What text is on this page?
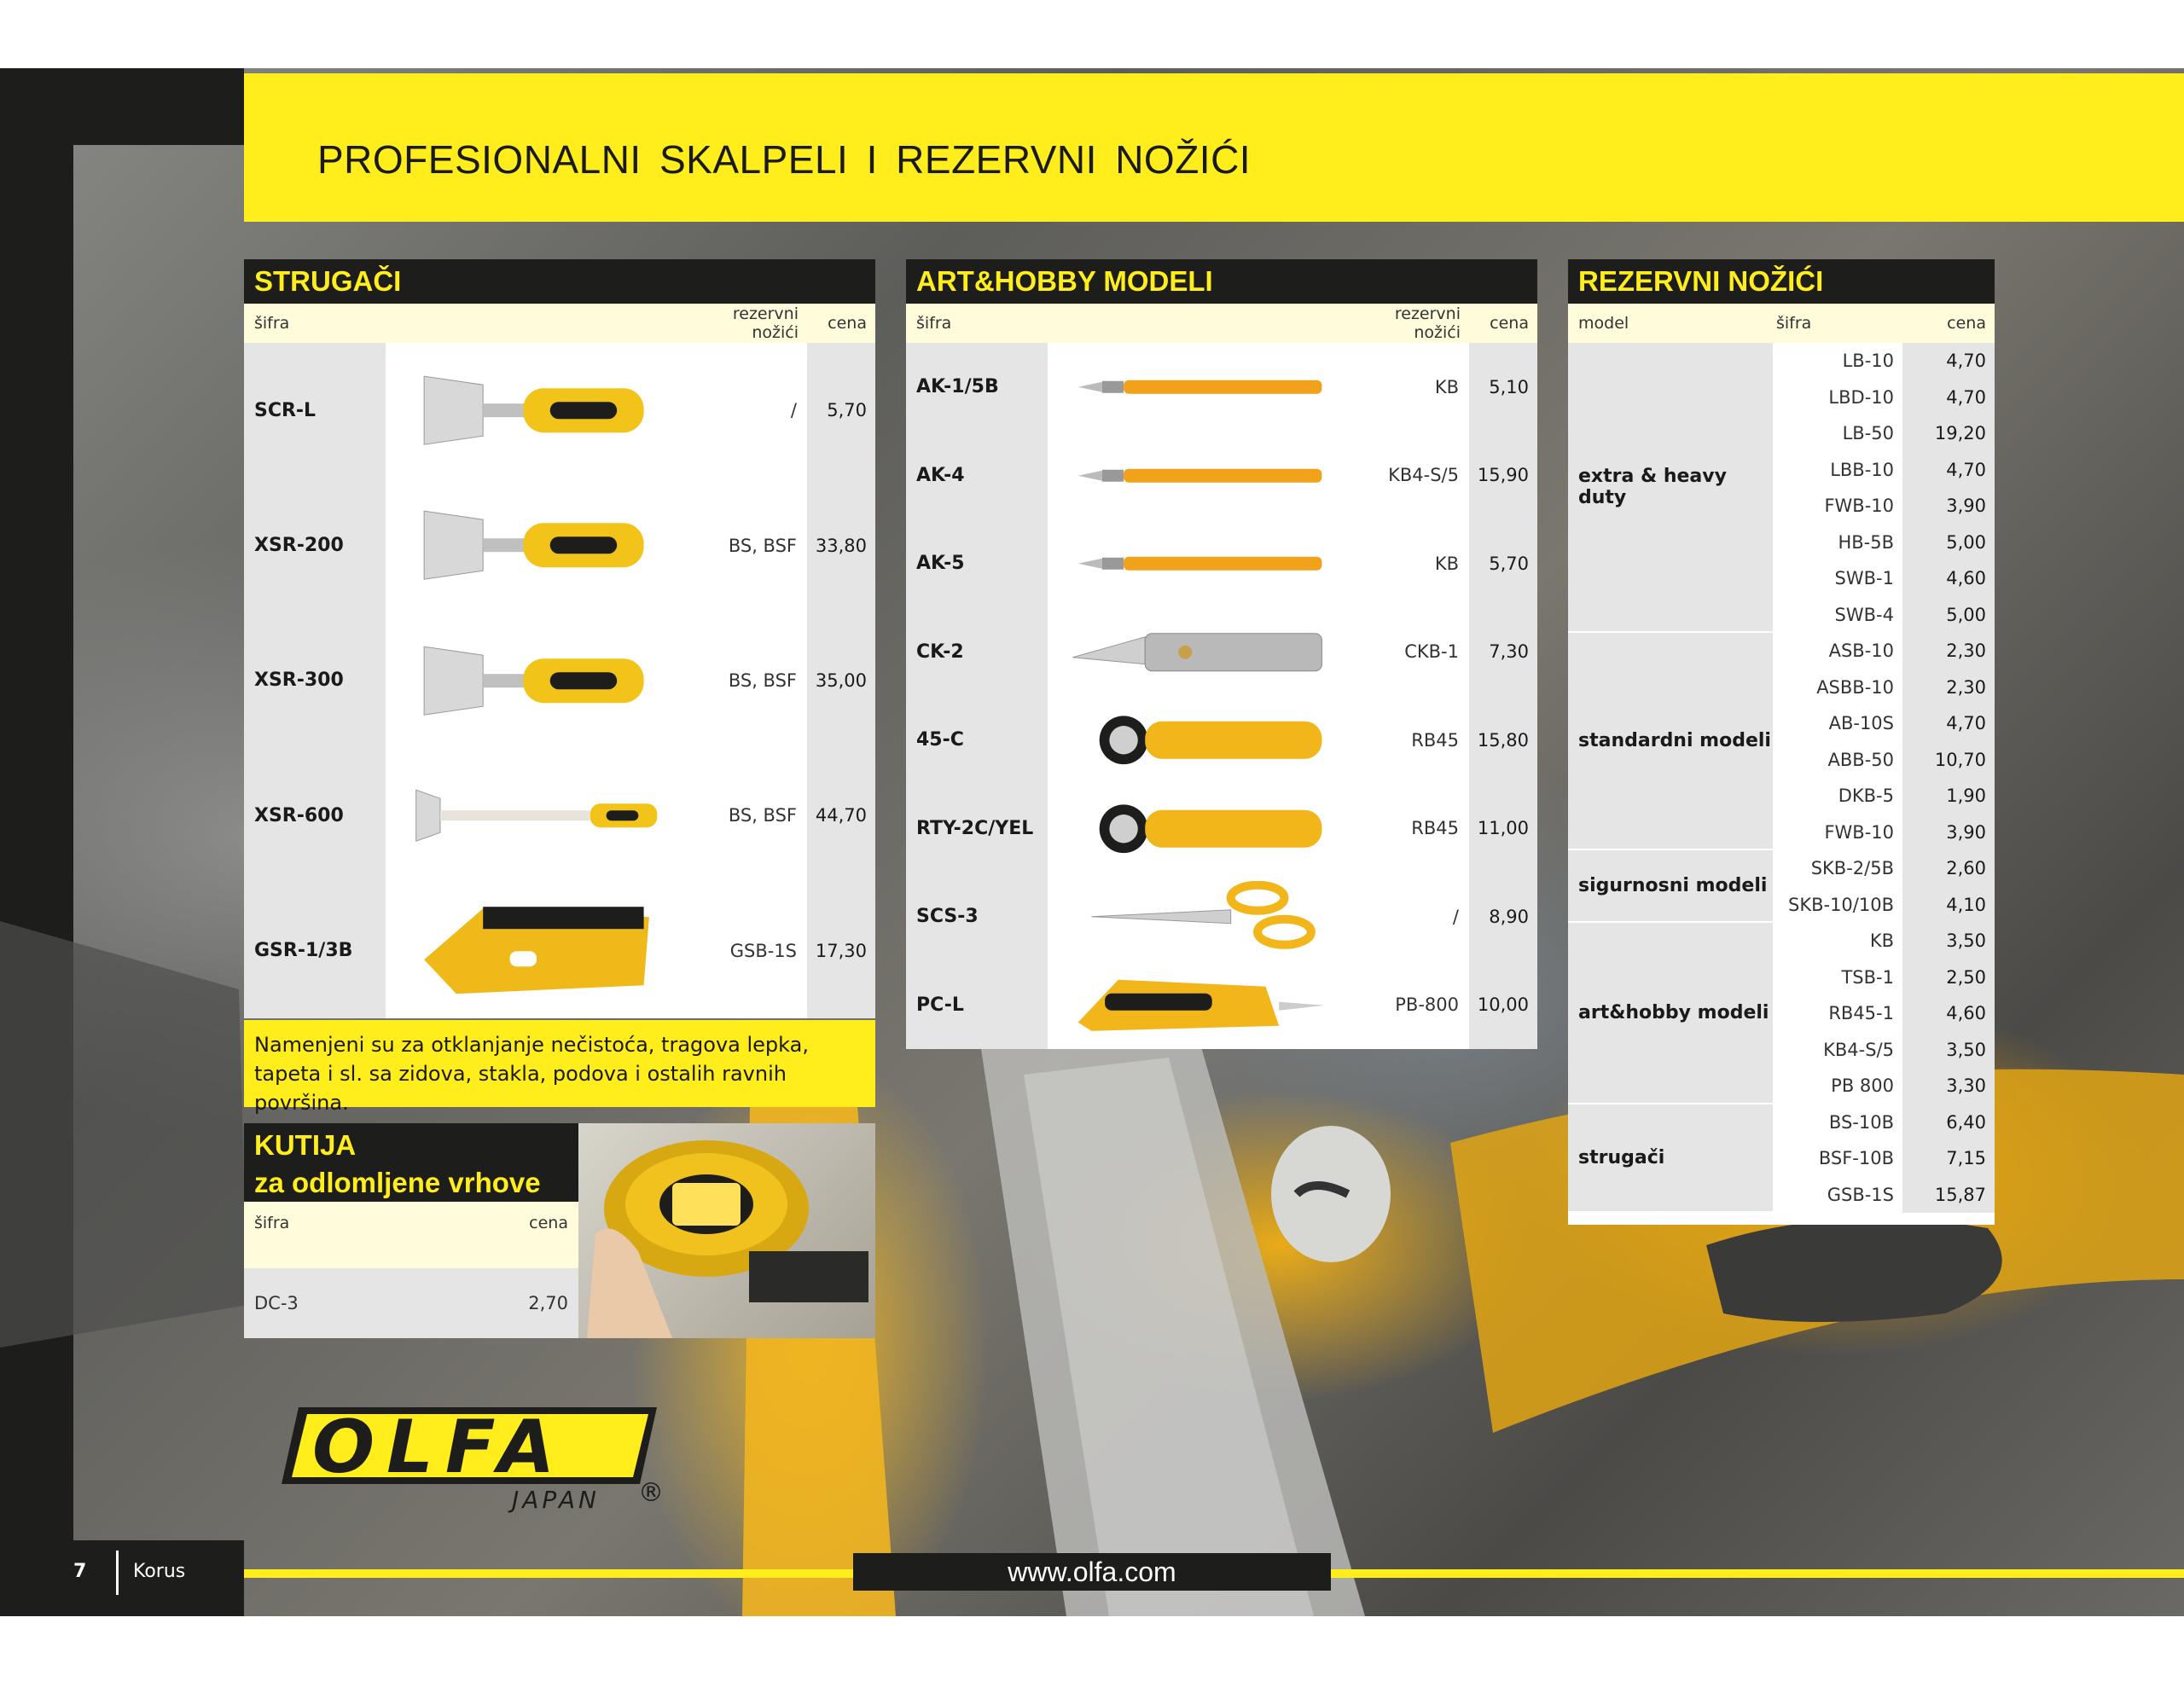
PROFESIONALNI SKALPELI I REZERVNI NOŽIĆI
STRUGAČI
šifra	rezervni nožići	cena
SCR-L	/	5,70
XSR-200	BS, BSF	33,80
XSR-300	BS, BSF	35,00
XSR-600	BS, BSF	44,70
GSR-1/3B	GSB-1S	17,30
Namenjeni su za otklanjanje nečistoća, tragova lepka, tapeta i sl. sa zidova, stakla, podova i ostalih ravnih površina.
KUTIJA
za odlomljene vrhove
šifra	cena
DC-3	2,70
ART&HOBBY MODELI
šifra	rezervni nožići	cena
AK-1/5B	KB	5,10
AK-4	KB4-S/5	15,90
AK-5	KB	5,70
CK-2	CKB-1	7,30
45-C	RB45	15,80
RTY-2C/YEL	RB45	11,00
SCS-3	/	8,90
PC-L	PB-800	10,00
REZERVNI NOŽIĆI
model	šifra	cena
extra & heavy duty
LB-10	4,70
LBD-10	4,70
LB-50	19,20
LBB-10	4,70
FWB-10	3,90
HB-5B	5,00
SWB-1	4,60
SWB-4	5,00
standardni modeli
ASB-10	2,30
ASBB-10	2,30
AB-10S	4,70
ABB-50	10,70
DKB-5	1,90
FWB-10	3,90
sigurnosni modeli
SKB-2/5B	2,60
SKB-10/10B	4,10
art&hobby modeli
KB	3,50
TSB-1	2,50
RB45-1	4,60
KB4-S/5	3,50
PB 800	3,30
strugači
BS-10B	6,40
BSF-10B	7,15
GSB-1S	15,87
OLFA
JAPAN ®
www.olfa.com
7 Korus
